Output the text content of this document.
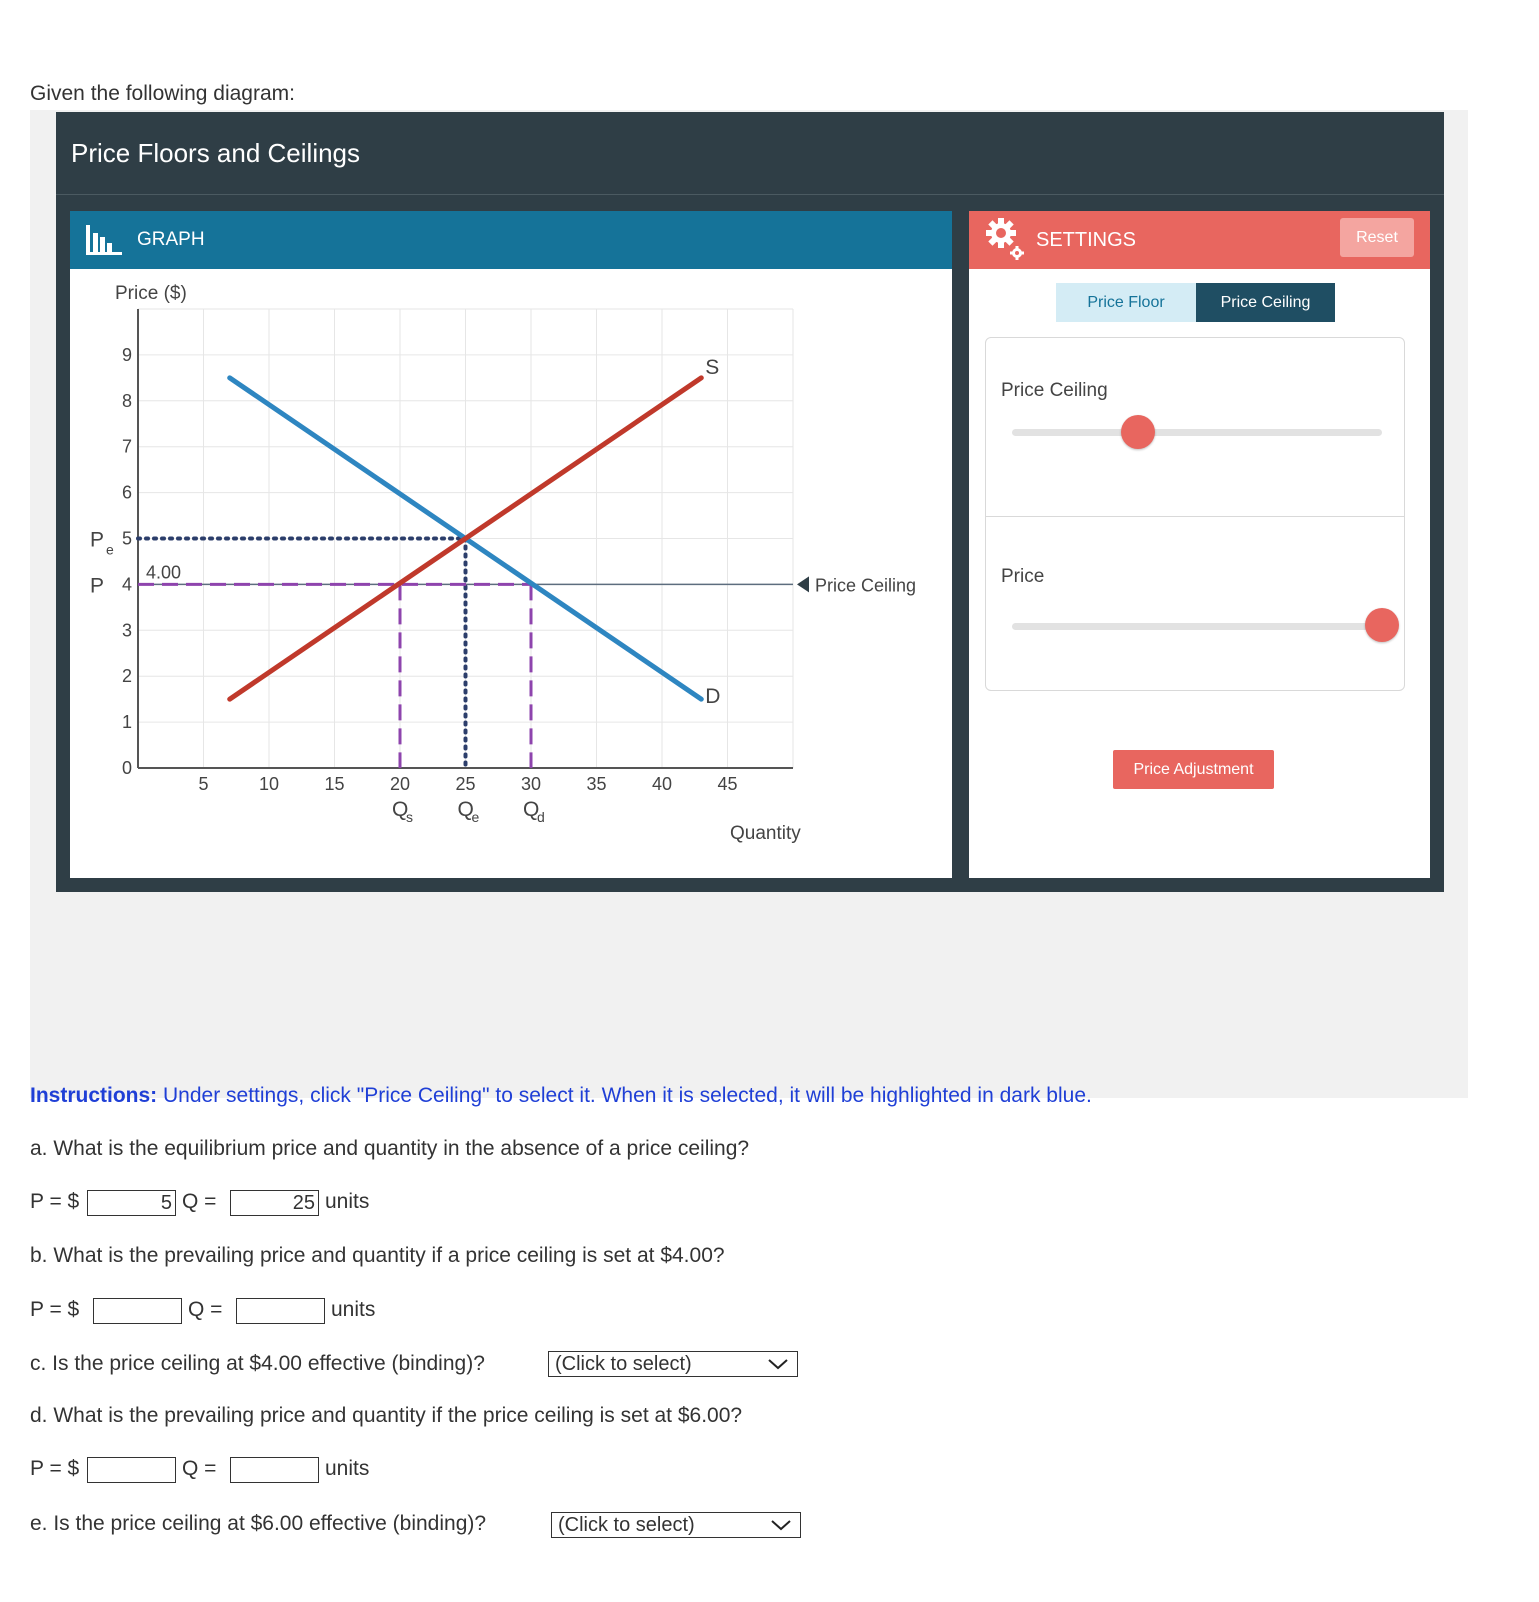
Given the following diagram:
Price Floors and Ceilings
GRAPH
Price ($)
Quantity
0
1
2
3
4
5
6
7
8
9
5	10	15	20	25	30	35	40	45
S
D
4.00
Price Ceiling
P e
P
Q
s Q
e Q
d
SETTINGS	Reset
Price Floor	Price Ceiling
Price Ceiling
Price
Price Adjustment
Instructions: Under settings, click "Price Ceiling" to select it. When it is selected, it will be highlighted in dark blue.
a. What is the equilibrium price and quantity in the absence of a price ceiling?
P = $	5 Q =	25 units
b. What is the prevailing price and quantity if a price ceiling is set at $4.00?
P = $	Q =	units
c. Is the price ceiling at $4.00 effective (binding)?	(Click to select)
d. What is the prevailing price and quantity if the price ceiling is set at $6.00?
P = $	Q =	units
e. Is the price ceiling at $6.00 effective (binding)?	(Click to select)
